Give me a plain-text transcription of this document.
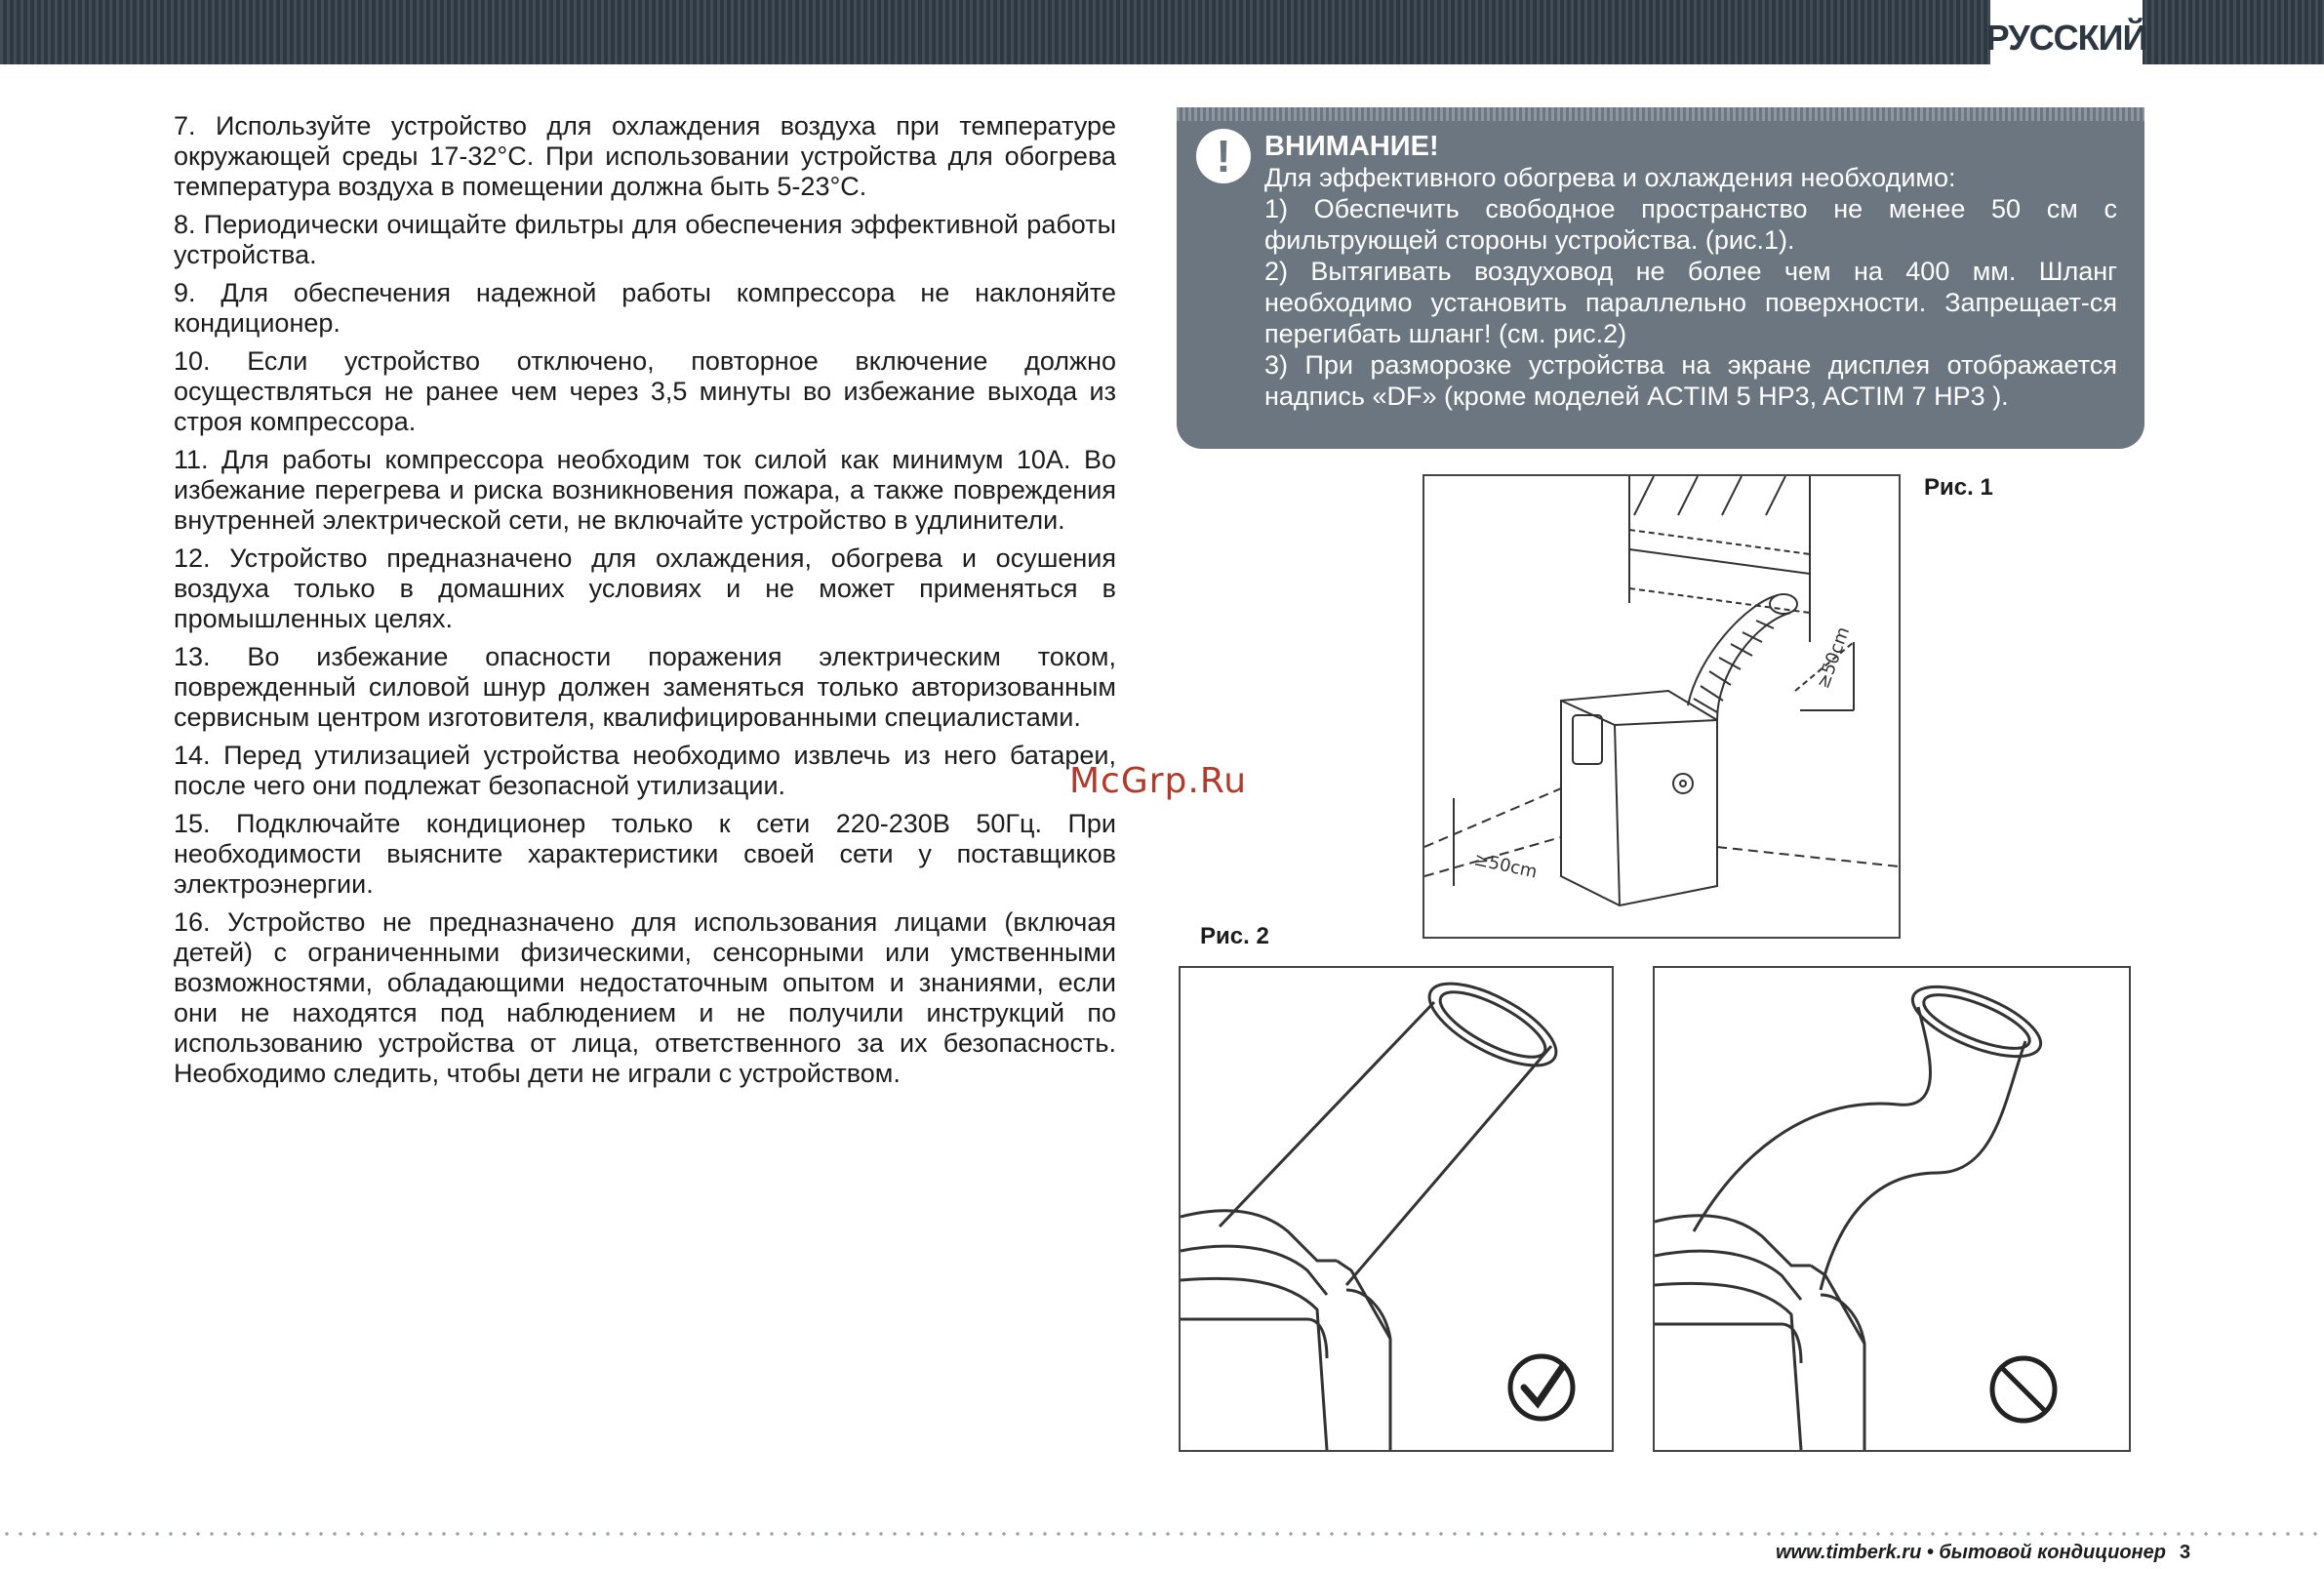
РУССКИЙ

7. Используйте устройство для охлаждения воздуха при температуре окружающей среды 17-32°С. При использовании устройства для обогрева температура воздуха в помещении должна быть 5-23°С.

8. Периодически очищайте фильтры для обеспечения эффективной работы устройства.

9. Для обеспечения надежной работы компрессора не наклоняйте кондиционер.

10. Если устройство отключено, повторное включение должно осуществляться не ранее чем через 3,5 минуты во избежание выхода из строя компрессора.

11. Для работы компрессора необходим ток силой как минимум 10А. Во избежание перегрева и риска возникновения пожара, а также повреждения внутренней электрической сети, не включайте устройство в удлинители.

12. Устройство предназначено для охлаждения, обогрева и осушения воздуха только в домашних условиях и не может применяться в промышленных целях.

13. Во избежание опасности поражения электрическим током, поврежденный силовой шнур должен заменяться только авторизованным сервисным центром изготовителя, квалифицированными специалистами.

14. Перед утилизацией устройства необходимо извлечь из него батареи, после чего они подлежат безопасной утилизации.

15. Подключайте кондиционер только к сети 220-230В 50Гц. При необходимости выясните характеристики своей сети у поставщиков электроэнергии.

16. Устройство не предназначено для использования лицами (включая детей) с ограниченными физическими, сенсорными или умственными возможностями, обладающими недостаточным опытом и знаниями, если они не находятся под наблюдением и не получили инструкций по использованию устройства от лица, ответственного за их безопасность. Необходимо следить, чтобы дети не играли с устройством.

!	ВНИМАНИЕ!

Для эффективного обогрева и охлаждения необходимо:

1) Обеспечить свободное пространство не менее 50 см с фильтрующей стороны устройства. (рис.1).

2) Вытягивать воздуховод не более чем на 400 мм. Шланг необходимо установить параллельно поверхности. Запрещает-ся перегибать шланг! (см. рис.2)

3) При разморозке устройства на экране дисплея отображается надпись «DF» (кроме моделей ACTIM 5 HP3, ACTIM 7 HP3 ).

≥50cm
≥50cm
Рис. 1
Рис. 2
McGrp.Ru
www.timberk.ru • бытовой кондиционер 3
